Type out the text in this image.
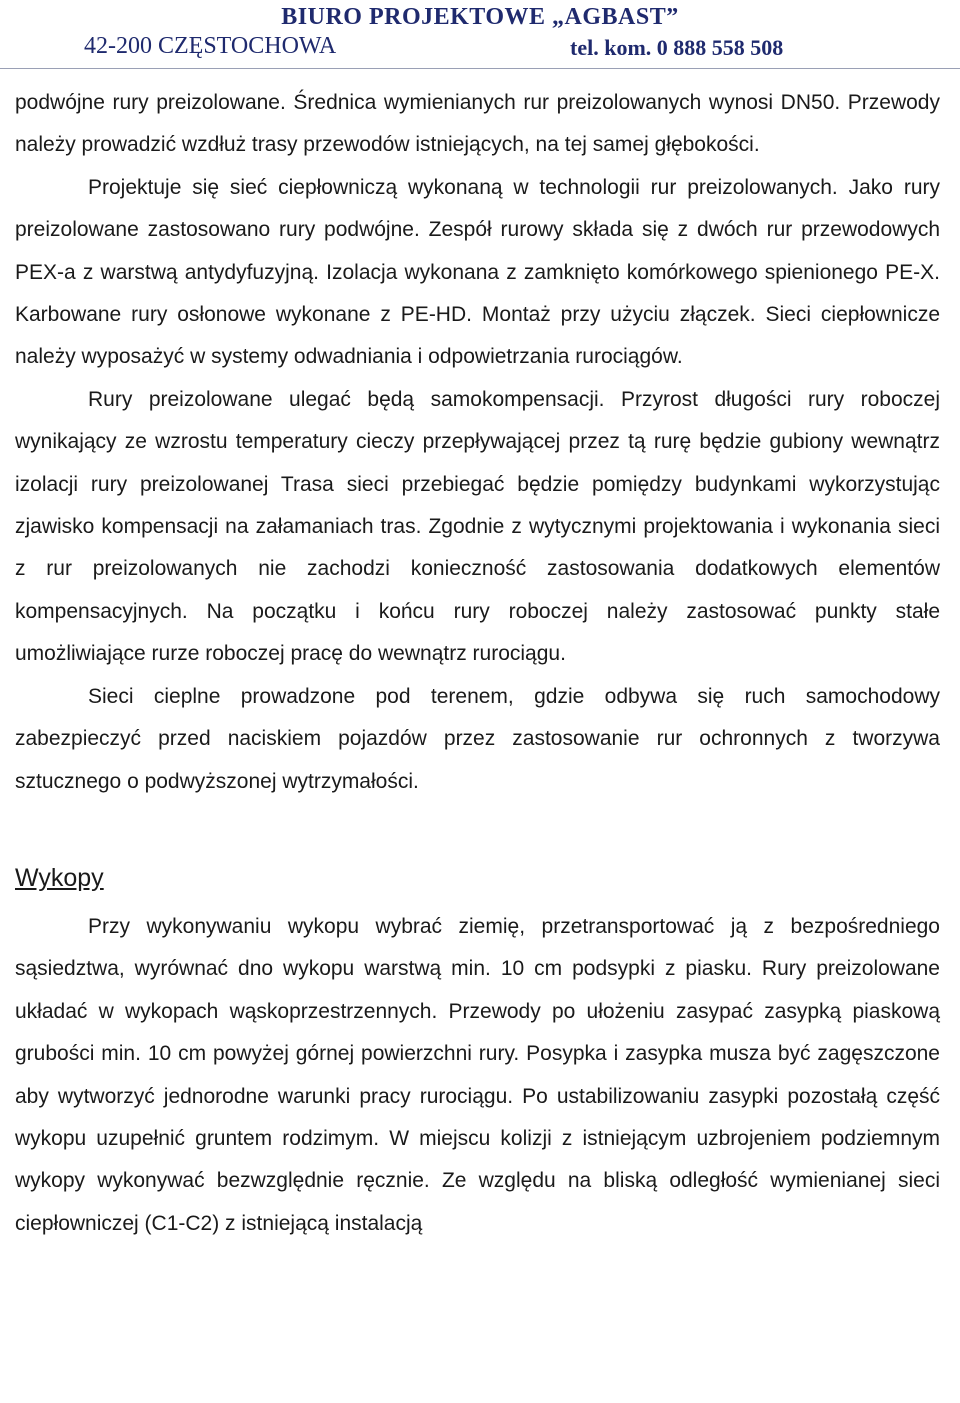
BIURO PROJEKTOWE „AGBAST”
42-200 CZĘSTOCHOWA	tel. kom. 0 888 558 508

podwójne rury preizolowane. Średnica wymienianych rur preizolowanych wynosi DN50. Przewody należy prowadzić wzdłuż trasy przewodów istniejących, na tej samej głębokości.

Projektuje się sieć ciepłowniczą wykonaną w technologii rur preizolowanych. Jako rury preizolowane zastosowano rury podwójne. Zespół rurowy składa się z dwóch rur przewodowych PEX-a z warstwą antydyfuzyjną. Izolacja wykonana z zamknięto komórkowego spienionego PE-X. Karbowane rury osłonowe wykonane z PE-HD. Montaż przy użyciu złączek. Sieci ciepłownicze należy wyposażyć w systemy odwadniania i odpowietrzania rurociągów.

Rury preizolowane ulegać będą samokompensacji. Przyrost długości rury roboczej wynikający ze wzrostu temperatury cieczy przepływającej przez tą rurę będzie gubiony wewnątrz izolacji rury preizolowanej Trasa sieci przebiegać będzie pomiędzy budynkami wykorzystując zjawisko kompensacji na załamaniach tras. Zgodnie z wytycznymi projektowania i wykonania sieci z rur preizolowanych nie zachodzi konieczność zastosowania dodatkowych elementów kompensacyjnych. Na początku i końcu rury roboczej należy zastosować punkty stałe umożliwiające rurze roboczej pracę do wewnątrz rurociągu.

Sieci cieplne prowadzone pod terenem, gdzie odbywa się ruch samochodowy zabezpieczyć przed naciskiem pojazdów przez zastosowanie rur ochronnych z tworzywa sztucznego o podwyższonej wytrzymałości.

Wykopy

Przy wykonywaniu wykopu wybrać ziemię, przetransportować ją z bezpośredniego sąsiedztwa, wyrównać dno wykopu warstwą min. 10 cm podsypki z piasku. Rury preizolowane układać w wykopach wąskoprzestrzennych. Przewody po ułożeniu zasypać zasypką piaskową grubości min. 10 cm powyżej górnej powierzchni rury. Posypka i zasypka musza być zagęszczone aby wytworzyć jednorodne warunki pracy rurociągu. Po ustabilizowaniu zasypki pozostałą część wykopu uzupełnić gruntem rodzimym. W miejscu kolizji z istniejącym uzbrojeniem podziemnym wykopy wykonywać bezwzględnie ręcznie. Ze względu na bliską odległość wymienianej sieci ciepłowniczej (C1-C2) z istniejącą instalacją
